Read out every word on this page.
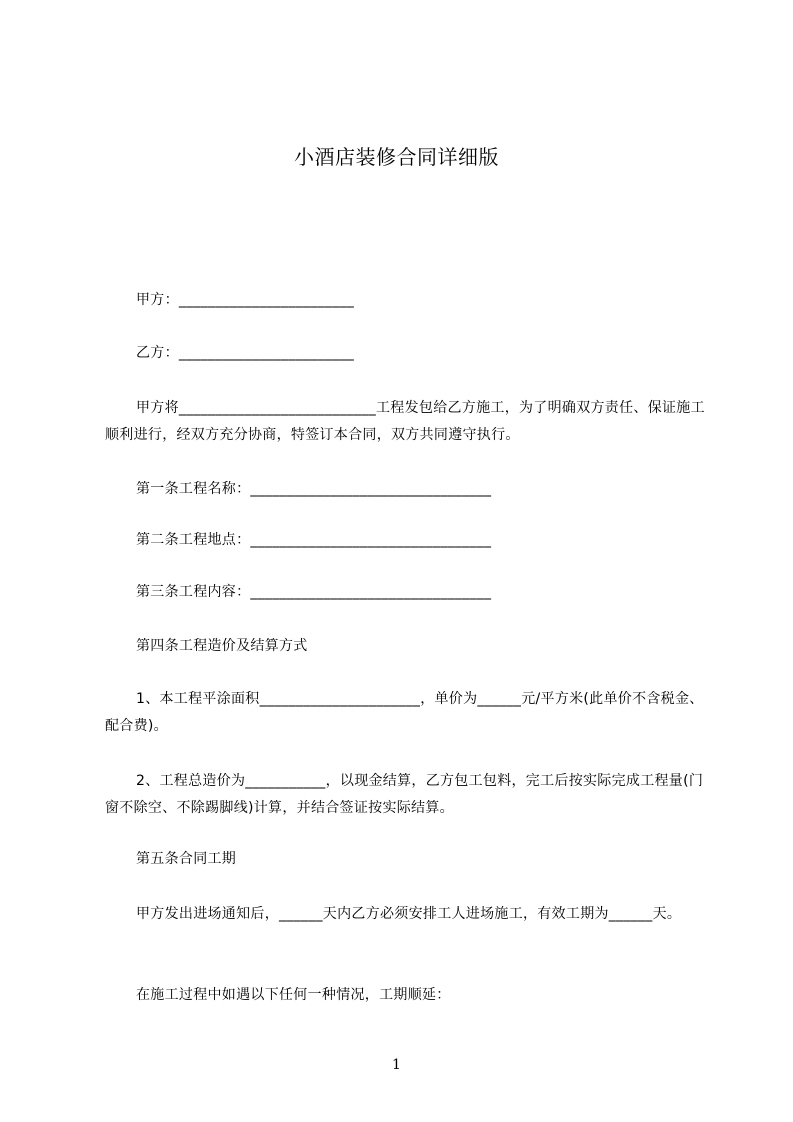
小酒店装修合同详细版
甲方：________________________
乙方：________________________
甲方将___________________________工程发包给乙方施工，为了明确双方责任、保证施工顺利进行，经双方充分协商，特签订本合同，双方共同遵守执行。
第一条工程名称：_________________________________
第二条工程地点：_________________________________
第三条工程内容：_________________________________
第四条工程造价及结算方式
1、本工程平涂面积______________________，单价为______元/平方米(此单价不含税金、配合费)。
2、工程总造价为___________，以现金结算，乙方包工包料，完工后按实际完成工程量(门窗不除空、不除踢脚线)计算，并结合签证按实际结算。
第五条合同工期
甲方发出进场通知后，______天内乙方必须安排工人进场施工，有效工期为______天。
在施工过程中如遇以下任何一种情况，工期顺延：
1
